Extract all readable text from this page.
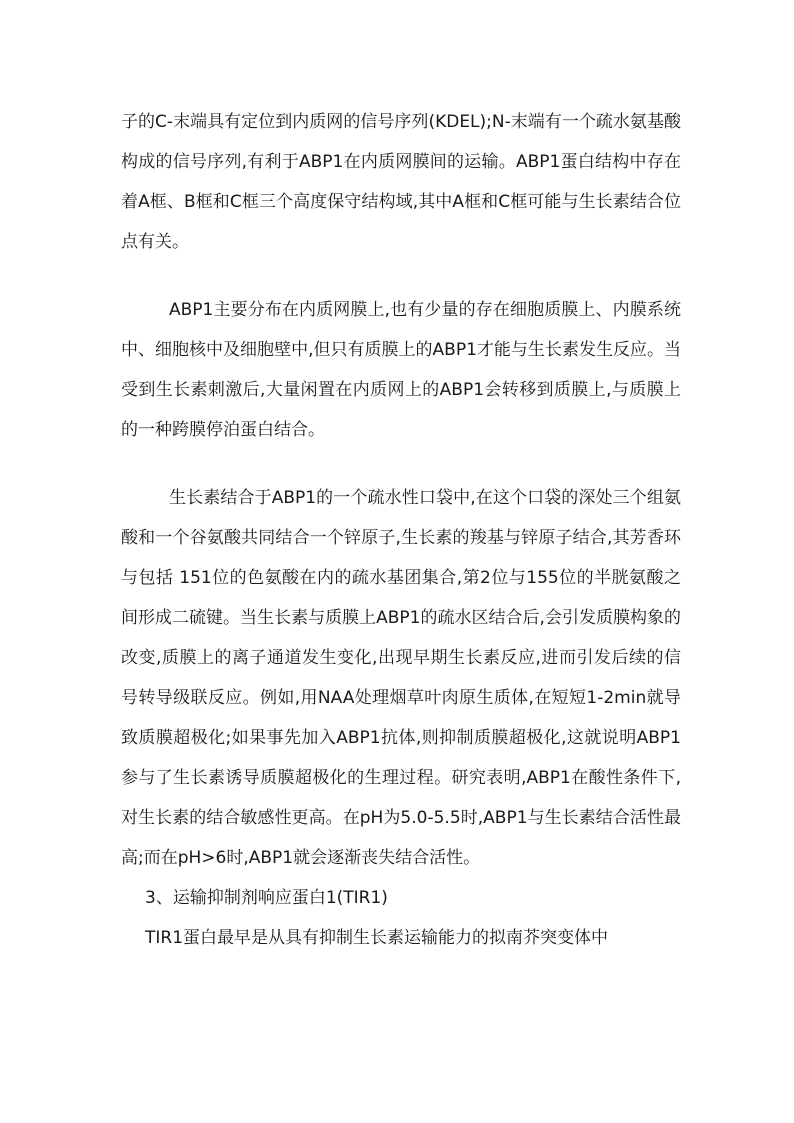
子的C-末端具有定位到内质网的信号序列(KDEL);N-末端有一个疏水氨基酸构成的信号序列,有利于ABP1在内质网膜间的运输。ABP1蛋白结构中存在着A框、B框和C框三个高度保守结构域,其中A框和C框可能与生长素结合位点有关。

ABP1主要分布在内质网膜上,也有少量的存在细胞质膜上、内膜系统中、细胞核中及细胞壁中,但只有质膜上的ABP1才能与生长素发生反应。当受到生长素刺激后,大量闲置在内质网上的ABP1会转移到质膜上,与质膜上的一种跨膜停泊蛋白结合。

生长素结合于ABP1的一个疏水性口袋中,在这个口袋的深处三个组氨酸和一个谷氨酸共同结合一个锌原子,生长素的羧基与锌原子结合,其芳香环与包括 151位的色氨酸在内的疏水基团集合,第2位与155位的半胱氨酸之间形成二硫键。当生长素与质膜上ABP1的疏水区结合后,会引发质膜构象的改变,质膜上的离子通道发生变化,出现早期生长素反应,进而引发后续的信号转导级联反应。例如,用NAA处理烟草叶肉原生质体,在短短1-2min就导致质膜超极化;如果事先加入ABP1抗体,则抑制质膜超极化,这就说明ABP1参与了生长素诱导质膜超极化的生理过程。研究表明,ABP1在酸性条件下,对生长素的结合敏感性更高。在pH为5.0-5.5时,ABP1与生长素结合活性最高;而在pH>6时,ABP1就会逐渐丧失结合活性。

3、运输抑制剂响应蛋白1(TIR1)

TIR1蛋白最早是从具有抑制生长素运输能力的拟南芥突变体中
